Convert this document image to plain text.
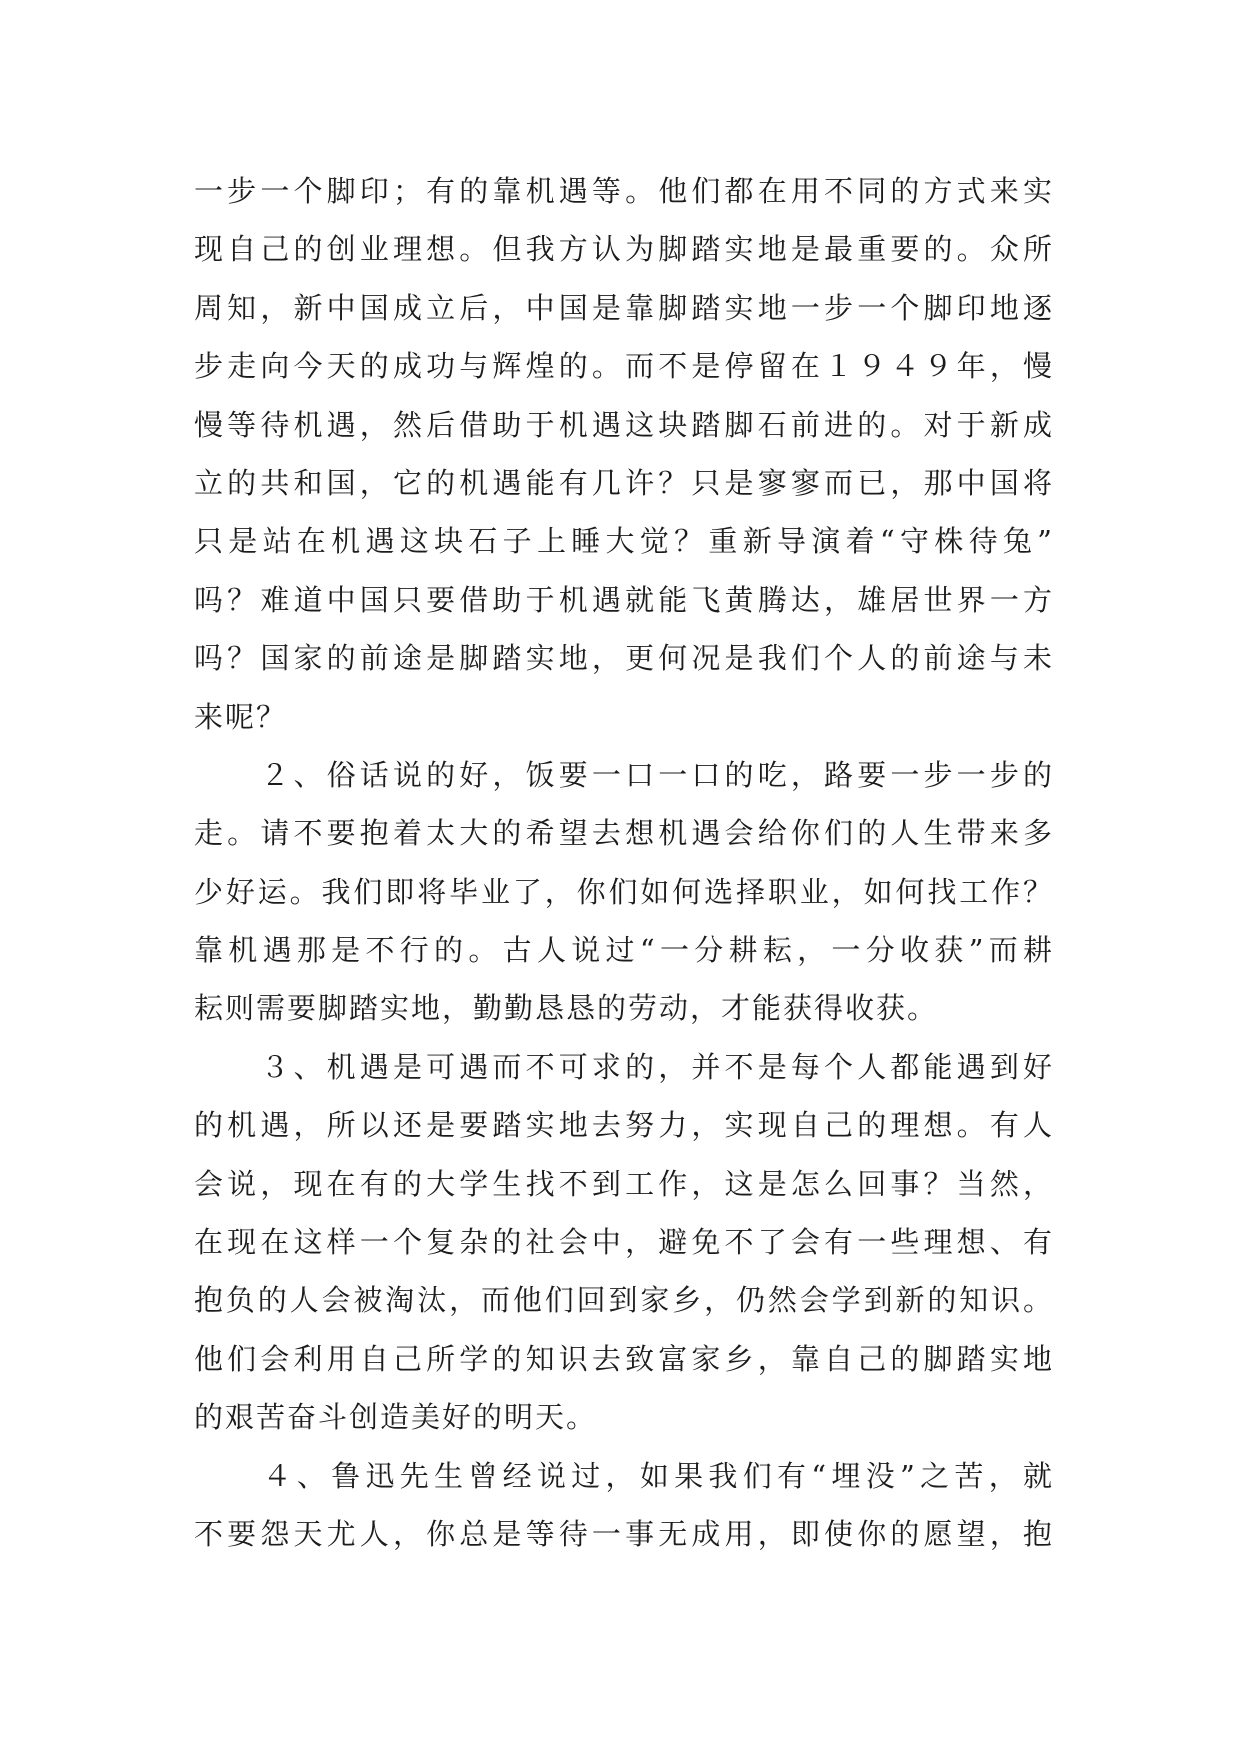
一步一个脚印；有的靠机遇等。他们都在用不同的方式来实
现自己的创业理想。但我方认为脚踏实地是最重要的。众所
周知，新中国成立后，中国是靠脚踏实地一步一个脚印地逐
步走向今天的成功与辉煌的。而不是停留在１９４９年，慢
慢等待机遇，然后借助于机遇这块踏脚石前进的。对于新成
立的共和国，它的机遇能有几许？只是寥寥而已，那中国将
只是站在机遇这块石子上睡大觉？重新导演着“守株待兔”
吗？难道中国只要借助于机遇就能飞黄腾达，雄居世界一方
吗？国家的前途是脚踏实地，更何况是我们个人的前途与未
来呢？
　　２、俗话说的好，饭要一口一口的吃，路要一步一步的
走。请不要抱着太大的希望去想机遇会给你们的人生带来多
少好运。我们即将毕业了，你们如何选择职业，如何找工作？
靠机遇那是不行的。古人说过“一分耕耘，一分收获”而耕
耘则需要脚踏实地，勤勤恳恳的劳动，才能获得收获。
　　３、机遇是可遇而不可求的，并不是每个人都能遇到好
的机遇，所以还是要踏实地去努力，实现自己的理想。有人
会说，现在有的大学生找不到工作，这是怎么回事？当然，
在现在这样一个复杂的社会中，避免不了会有一些理想、有
抱负的人会被淘汰，而他们回到家乡，仍然会学到新的知识。
他们会利用自己所学的知识去致富家乡，靠自己的脚踏实地
的艰苦奋斗创造美好的明天。
　　４、鲁迅先生曾经说过，如果我们有“埋没”之苦，就
不要怨天尤人，你总是等待一事无成用，即使你的愿望，抱
